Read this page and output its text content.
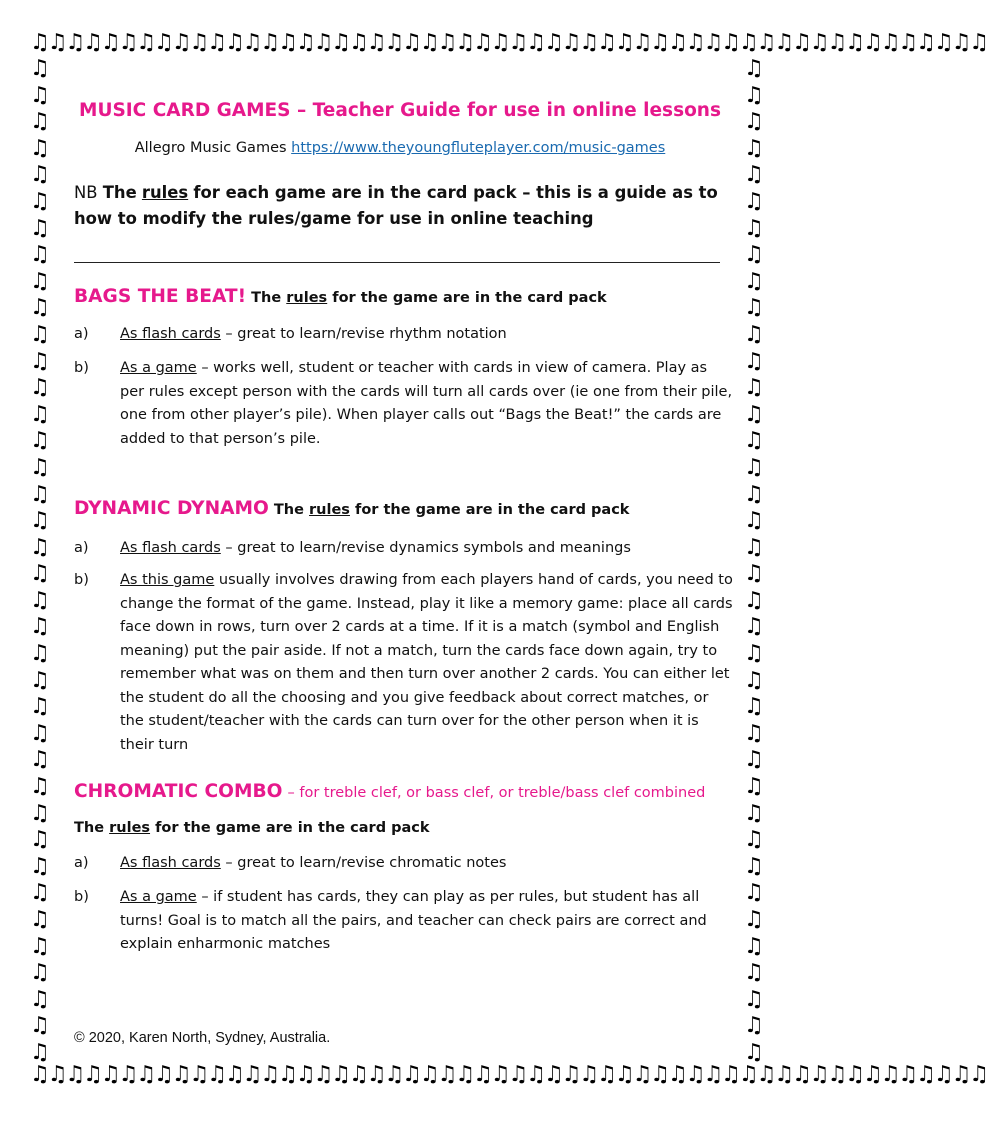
♫♫♫♫♫♫♫♫♫♫♫♫♫♫♫♫♫♫♫♫♫♫♫♫♫♫♫♫♫♫♫♫♫♫♫♫♫♫♫♫♫♫♫♫♫♫♫♫♫♫♫♫♫♫
♫♫♫♫♫♫♫♫♫♫♫♫♫♫♫♫♫♫♫♫♫♫♫♫♫♫♫♫♫♫♫♫♫♫♫♫♫♫♫♫♫♫♫♫♫♫♫♫♫♫♫♫♫♫
♫♫♫♫♫♫♫♫♫♫♫♫♫♫♫♫♫♫♫♫♫♫♫♫♫♫♫♫♫♫♫♫♫♫♫♫♫♫
♫♫♫♫♫♫♫♫♫♫♫♫♫♫♫♫♫♫♫♫♫♫♫♫♫♫♫♫♫♫♫♫♫♫♫♫♫♫
MUSIC CARD GAMES – Teacher Guide for use in online lessons
Allegro Music Games https://www.theyoungfluteplayer.com/music-games
NB The rules for each game are in the card pack – this is a guide as to how to modify the rules/game for use in online teaching
BAGS THE BEAT! The rules for the game are in the card pack
a)	As flash cards – great to learn/revise rhythm notation
b)	As a game – works well, student or teacher with cards in view of camera. Play as per rules except person with the cards will turn all cards over (ie one from their pile, one from other player’s pile). When player calls out “Bags the Beat!” the cards are added to that person’s pile.
DYNAMIC DYNAMO The rules for the game are in the card pack
a)	As flash cards – great to learn/revise dynamics symbols and meanings
b)	As this game usually involves drawing from each players hand of cards, you need to change the format of the game. Instead, play it like a memory game: place all cards face down in rows, turn over 2 cards at a time. If it is a match (symbol and English meaning) put the pair aside. If not a match, turn the cards face down again, try to remember what was on them and then turn over another 2 cards. You can either let the student do all the choosing and you give feedback about correct matches, or the student/teacher with the cards can turn over for the other person when it is their turn
CHROMATIC COMBO – for treble clef, or bass clef, or treble/bass clef combined
The rules for the game are in the card pack
a)	As flash cards – great to learn/revise chromatic notes
b)	As a game – if student has cards, they can play as per rules, but student has all turns! Goal is to match all the pairs, and teacher can check pairs are correct and explain enharmonic matches
© 2020, Karen North, Sydney, Australia.
